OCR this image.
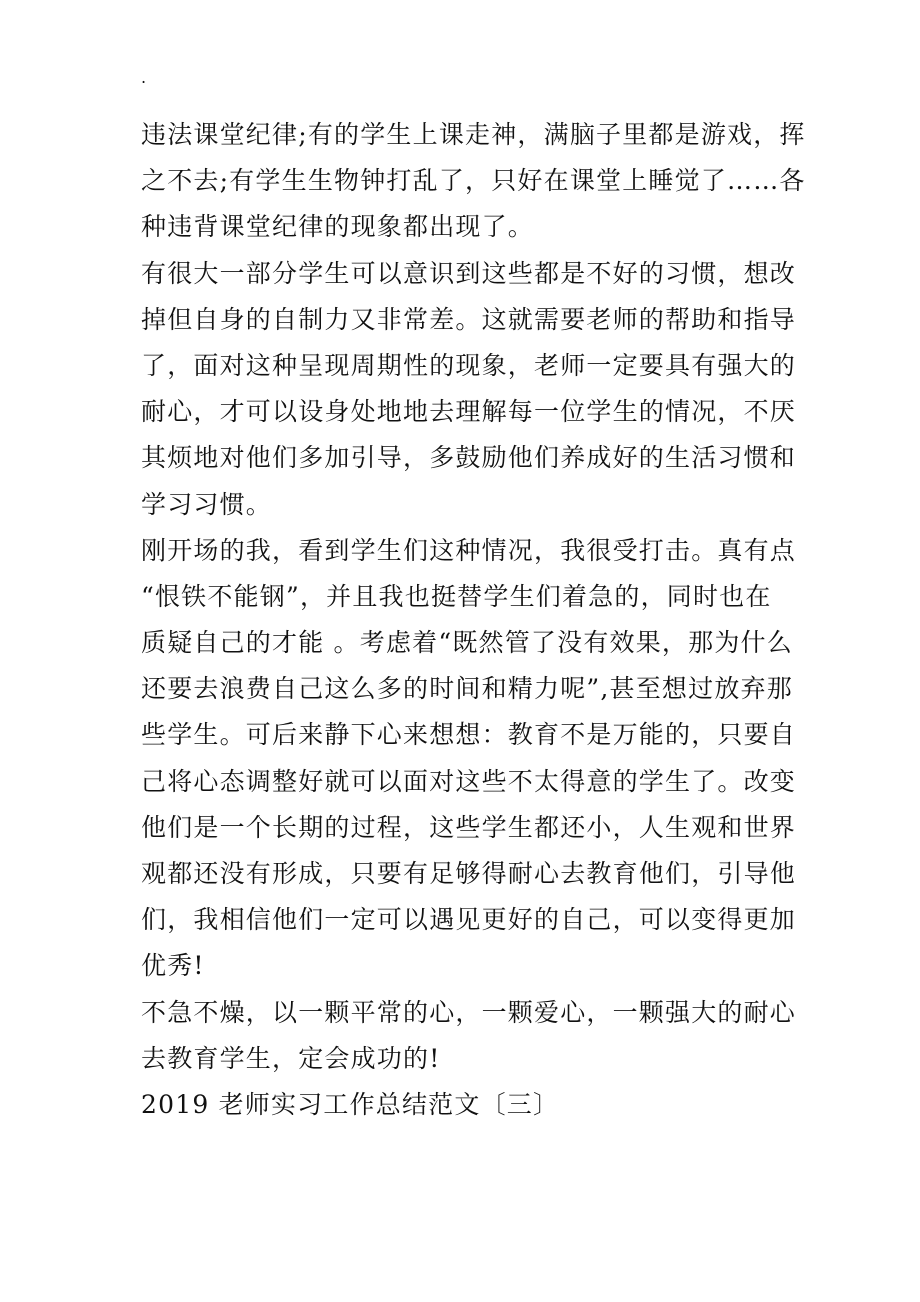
.
违法课堂纪律;有的学生上课走神，满脑子里都是游戏，挥
之不去;有学生生物钟打乱了，只好在课堂上睡觉了……各
种违背课堂纪律的现象都出现了。
有很大一部分学生可以意识到这些都是不好的习惯，想改
掉但自身的自制力又非常差。这就需要老师的帮助和指导
了，面对这种呈现周期性的现象，老师一定要具有强大的
耐心，才可以设身处地地去理解每一位学生的情况，不厌
其烦地对他们多加引导，多鼓励他们养成好的生活习惯和
学习习惯。
刚开场的我，看到学生们这种情况，我很受打击。真有点
“恨铁不能钢”，并且我也挺替学生们着急的，同时也在
质疑自己的才能 。考虑着“既然管了没有效果，那为什么
还要去浪费自己这么多的时间和精力呢”,甚至想过放弃那
些学生。可后来静下心来想想：教育不是万能的，只要自
己将心态调整好就可以面对这些不太得意的学生了。改变
他们是一个长期的过程，这些学生都还小，人生观和世界
观都还没有形成，只要有足够得耐心去教育他们，引导他
们，我相信他们一定可以遇见更好的自己，可以变得更加
优秀!
不急不燥，以一颗平常的心，一颗爱心，一颗强大的耐心
去教育学生，定会成功的!
2019 老师实习工作总结范文〔三〕
